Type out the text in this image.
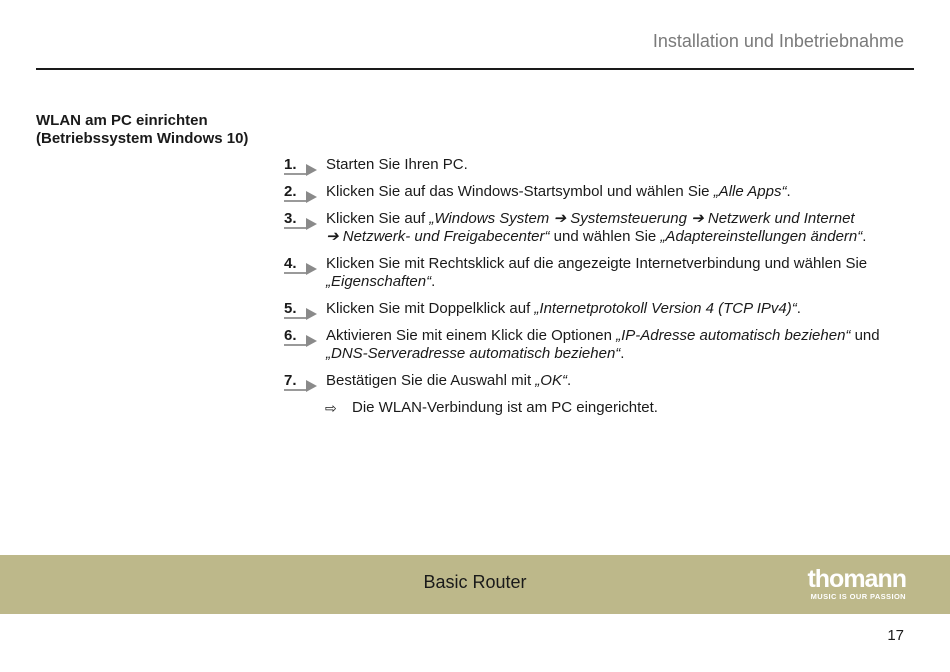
Installation und Inbetriebnahme
WLAN am PC einrichten
(Betriebssystem Windows 10)
1. Starten Sie Ihren PC.
2. Klicken Sie auf das Windows-Startsymbol und wählen Sie „Alle Apps“.
3. Klicken Sie auf „Windows System ➔ Systemsteuerung ➔ Netzwerk und Internet
➔ Netzwerk- und Freigabecenter“ und wählen Sie „Adaptereinstellungen ändern“.
4. Klicken Sie mit Rechtsklick auf die angezeigte Internetverbindung und wählen Sie
„Eigenschaften“.
5. Klicken Sie mit Doppelklick auf „Internetprotokoll Version 4 (TCP IPv4)“.
6. Aktivieren Sie mit einem Klick die Optionen „IP-Adresse automatisch beziehen“ und
„DNS-Serveradresse automatisch beziehen“.
7. Bestätigen Sie die Auswahl mit „OK“.
⇨ Die WLAN-Verbindung ist am PC eingerichtet.
Basic Router	thomann
MUSIC IS OUR PASSION
17
